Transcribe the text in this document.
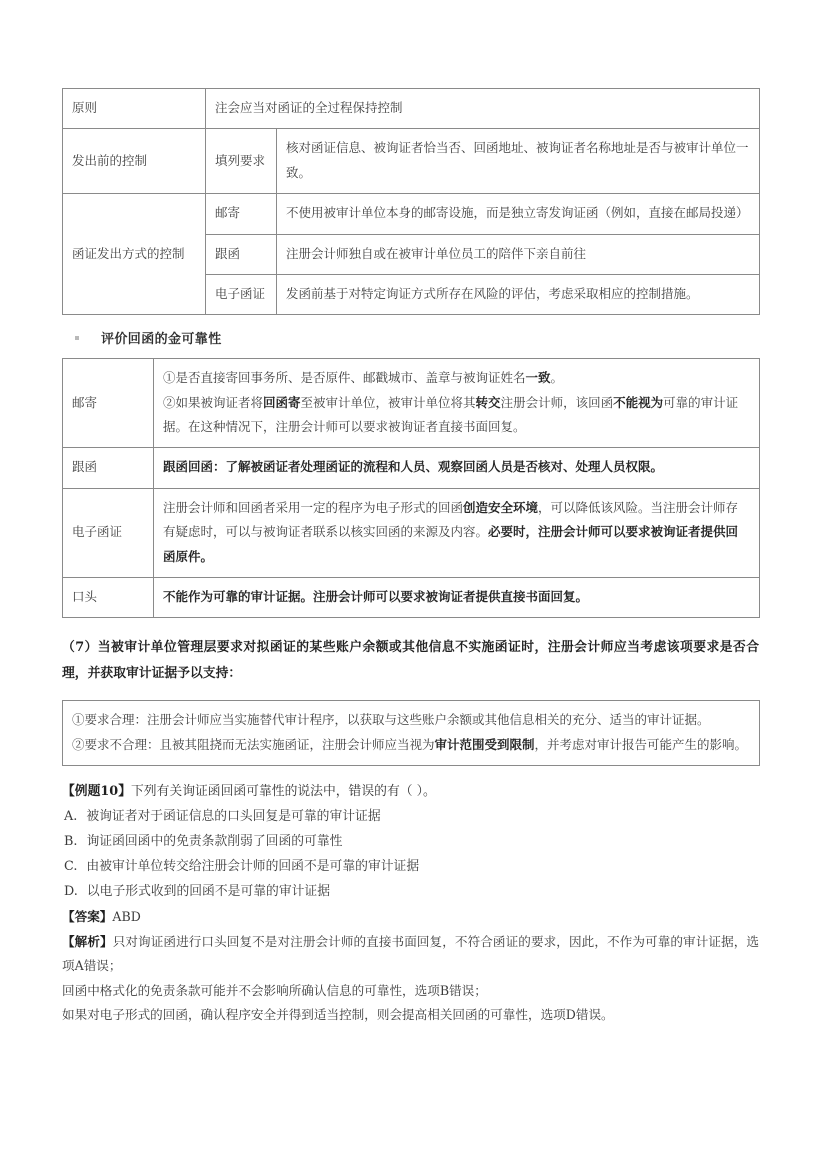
原则	注会应当对函证的全过程保持控制	
发出前的控制	填列要求	核对函证信息、被询证者恰当否、回函地址、被询证者名称地址是否与被审计单位一致。
函证发出方式的控制	邮寄	不使用被审计单位本身的邮寄设施，而是独立寄发询证函（例如，直接在邮局投递）
	跟函	注册会计师独自或在被审计单位员工的陪伴下亲自前往
	电子函证	发函前基于对特定询证方式所存在风险的评估，考虑采取相应的控制措施。
评价回函的金可靠性
邮寄	①是否直接寄回事务所、是否原件、邮戳城市、盖章与被询证姓名一致。
②如果被询证者将回函寄至被审计单位，被审计单位将其转交注册会计师，该回函不能视为可靠的审计证据。在这种情况下，注册会计师可以要求被询证者直接书面回复。

跟函	跟函回函：了解被函证者处理函证的流程和人员、观察回函人员是否核对、处理人员权限。

电子函证	注册会计师和回函者采用一定的程序为电子形式的回函创造安全环境，可以降低该风险。当注册会计师存有疑虑时，可以与被询证者联系以核实回函的来源及内容。必要时，注册会计师可以要求被询证者提供回函原件。

口头	不能作为可靠的审计证据。注册会计师可以要求被询证者提供直接书面回复。

（7）当被审计单位管理层要求对拟函证的某些账户余额或其他信息不实施函证时，注册会计师应当考虑该项要求是否合理，并获取审计证据予以支持：

①要求合理：注册会计师应当实施替代审计程序，以获取与这些账户余额或其他信息相关的充分、适当的审计证据。
②要求不合理：且被其阻挠而无法实施函证，注册会计师应当视为审计范围受到限制，并考虑对审计报告可能产生的影响。
【例题10】下列有关询证函回函可靠性的说法中，错误的有（ ）。
A. 被询证者对于函证信息的口头回复是可靠的审计证据
B. 询证函回函中的免责条款削弱了回函的可靠性
C. 由被审计单位转交给注册会计师的回函不是可靠的审计证据
D. 以电子形式收到的回函不是可靠的审计证据
【答案】ABD
【解析】只对询证函进行口头回复不是对注册会计师的直接书面回复，不符合函证的要求，因此，不作为可靠的审计证据，选项A错误；
回函中格式化的免责条款可能并不会影响所确认信息的可靠性，选项B错误；
如果对电子形式的回函，确认程序安全并得到适当控制，则会提高相关回函的可靠性，选项D错误。
